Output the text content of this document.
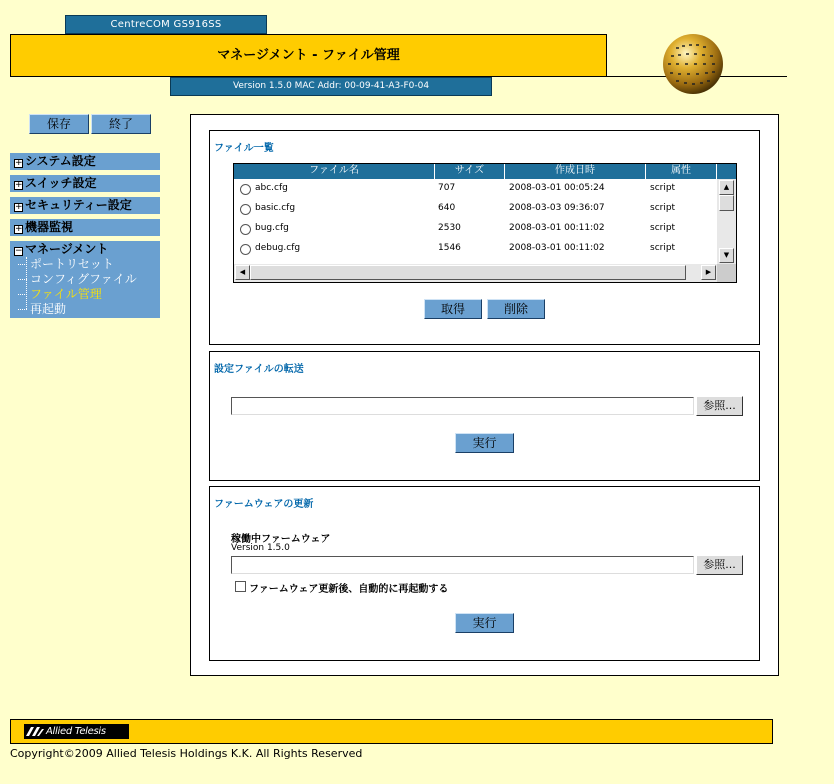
CentreCOM GS916SS
マネージメント - ファイル管理
Version 1.5.0 MAC Addr: 00-09-41-A3-F0-04
保存	終了
+ システム設定
+ スイッチ設定
+ セキュリティー設定
+ 機器監視
− マネージメント
ポートリセット
コンフィグファイル
ファイル管理
再起動
ファイル一覧
ファイル名	サイズ	作成日時	属性
abc.cfg	707	2008-03-01 00:05:24	script
basic.cfg	640	2008-03-03 09:36:07	script
bug.cfg	2530	2008-03-01 00:11:02	script
debug.cfg	1546	2008-03-01 00:11:02	script
▲
▼
◀	▶
取得	削除
設定ファイルの転送
参照...
実行
ファームウェアの更新
稼働中ファームウェア
Version 1.5.0
参照...
ファームウェア更新後、自動的に再起動する
実行
Allied Telesis
Copyright©2009 Allied Telesis Holdings K.K. All Rights Reserved
